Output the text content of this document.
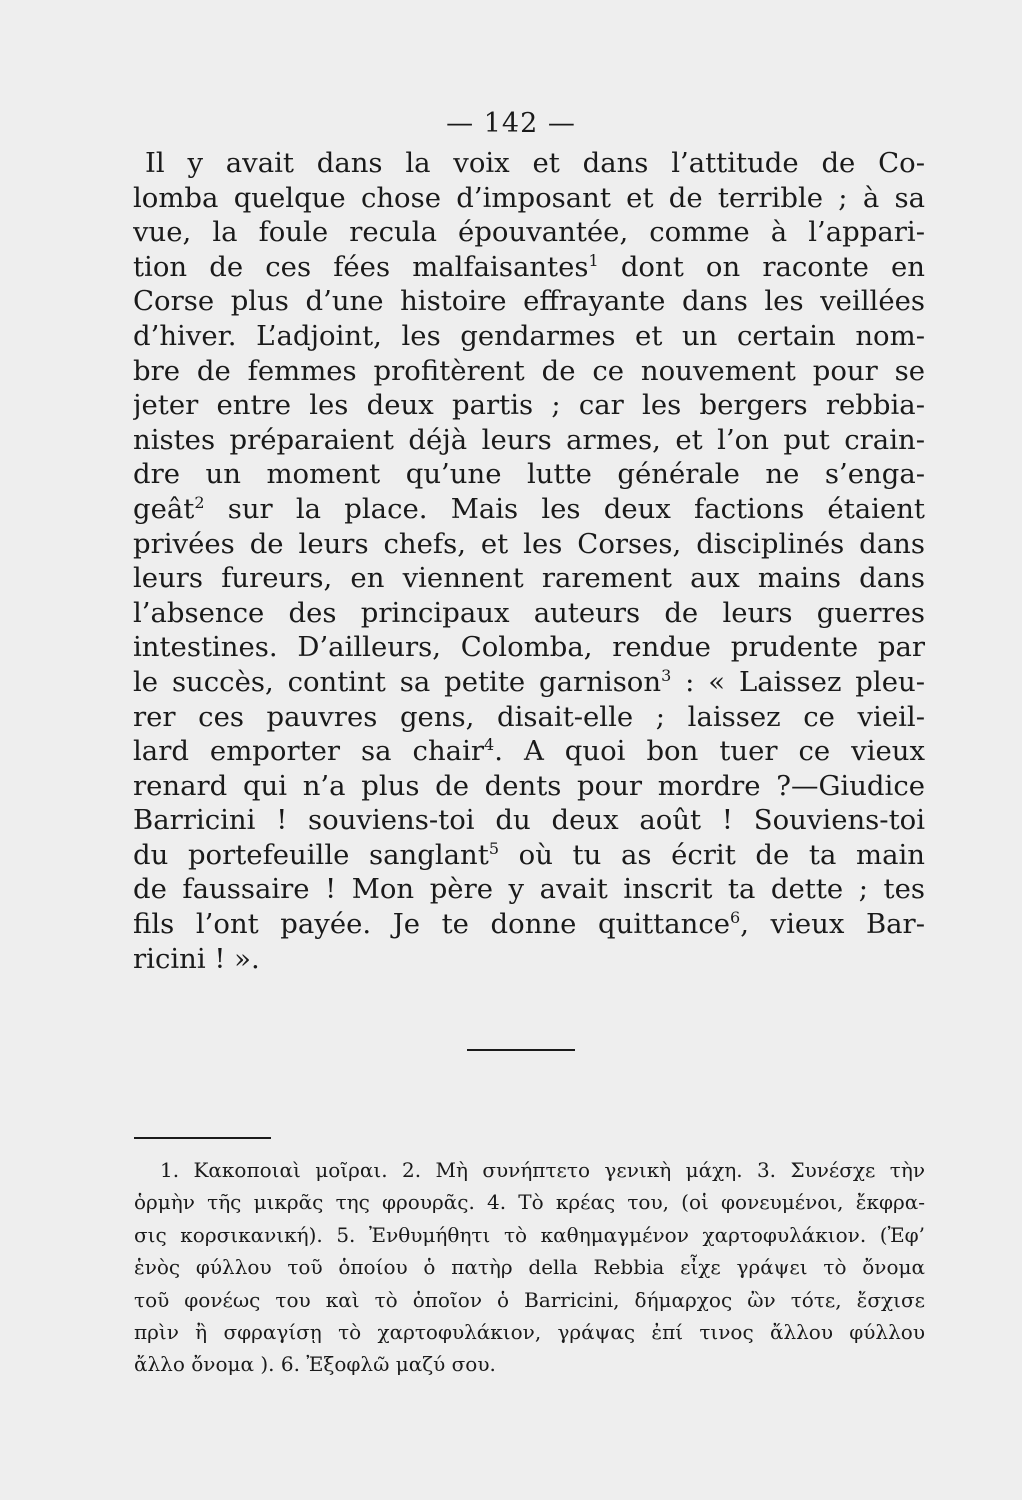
— 142 —
Il y avait dans la voix et dans l’attitude de Co-
lomba quelque chose d’imposant et de terrible ; à sa
vue, la foule recula épouvantée, comme à l’appari-
tion de ces fées malfaisantes$^1$ dont on raconte en
Corse plus d’une histoire effrayante dans les veillées
d’hiver. L’adjoint, les gendarmes et un certain nom-
bre de femmes profitèrent de ce nouvement pour se
jeter entre les deux partis ; car les bergers rebbia-
nistes préparaient déjà leurs armes, et l’on put crain-
dre un moment qu’une lutte générale ne s’enga-
geât$^2$ sur la place. Mais les deux factions étaient
privées de leurs chefs, et les Corses, disciplinés dans
leurs fureurs, en viennent rarement aux mains dans
l’absence des principaux auteurs de leurs guerres
intestines. D’ailleurs, Colomba, rendue prudente par
le succès, contint sa petite garnison$^3$ : « Laissez pleu-
rer ces pauvres gens, disait-elle ; laissez ce vieil-
lard emporter sa chair$^4$. A quoi bon tuer ce vieux
renard qui n’a plus de dents pour mordre ?—Giudice
Barricini ! souviens-toi du deux août ! Souviens-toi
du portefeuille sanglant$^5$ où tu as écrit de ta main
de faussaire ! Mon père y avait inscrit ta dette ; tes
fils l’ont payée. Je te donne quittance$^6$, vieux Bar-
ricini ! ».
1. Κακοποιαὶ μοῖραι. 2. Μὴ συνήπτετο γενικὴ μάχη. 3. Συνέσχε τὴν
ὁρμὴν τῆς μικρᾶς της φρουρᾶς. 4. Τὸ κρέας του, (οἱ φονευμένοι, ἔκφρα-
σις κορσικανική). 5. Ἐνθυμήθητι τὸ καθημαγμένον χαρτοφυλάκιον. (Ἐφ’
ἑνὸς φύλλου τοῦ ὁποίου ὁ πατὴρ della Rebbia εἶχε γράψει τὸ ὄνομα
τοῦ φονέως του καὶ τὸ ὁποῖον ὁ Barricini, δήμαρχος ὢν τότε, ἔσχισε
πρὶν ἢ σφραγίσῃ τὸ χαρτοφυλάκιον, γράψας ἐπί τινος ἄλλου φύλλου
ἄλλο ὄνομα ). 6. Ἐξοφλῶ μαζύ σου.
